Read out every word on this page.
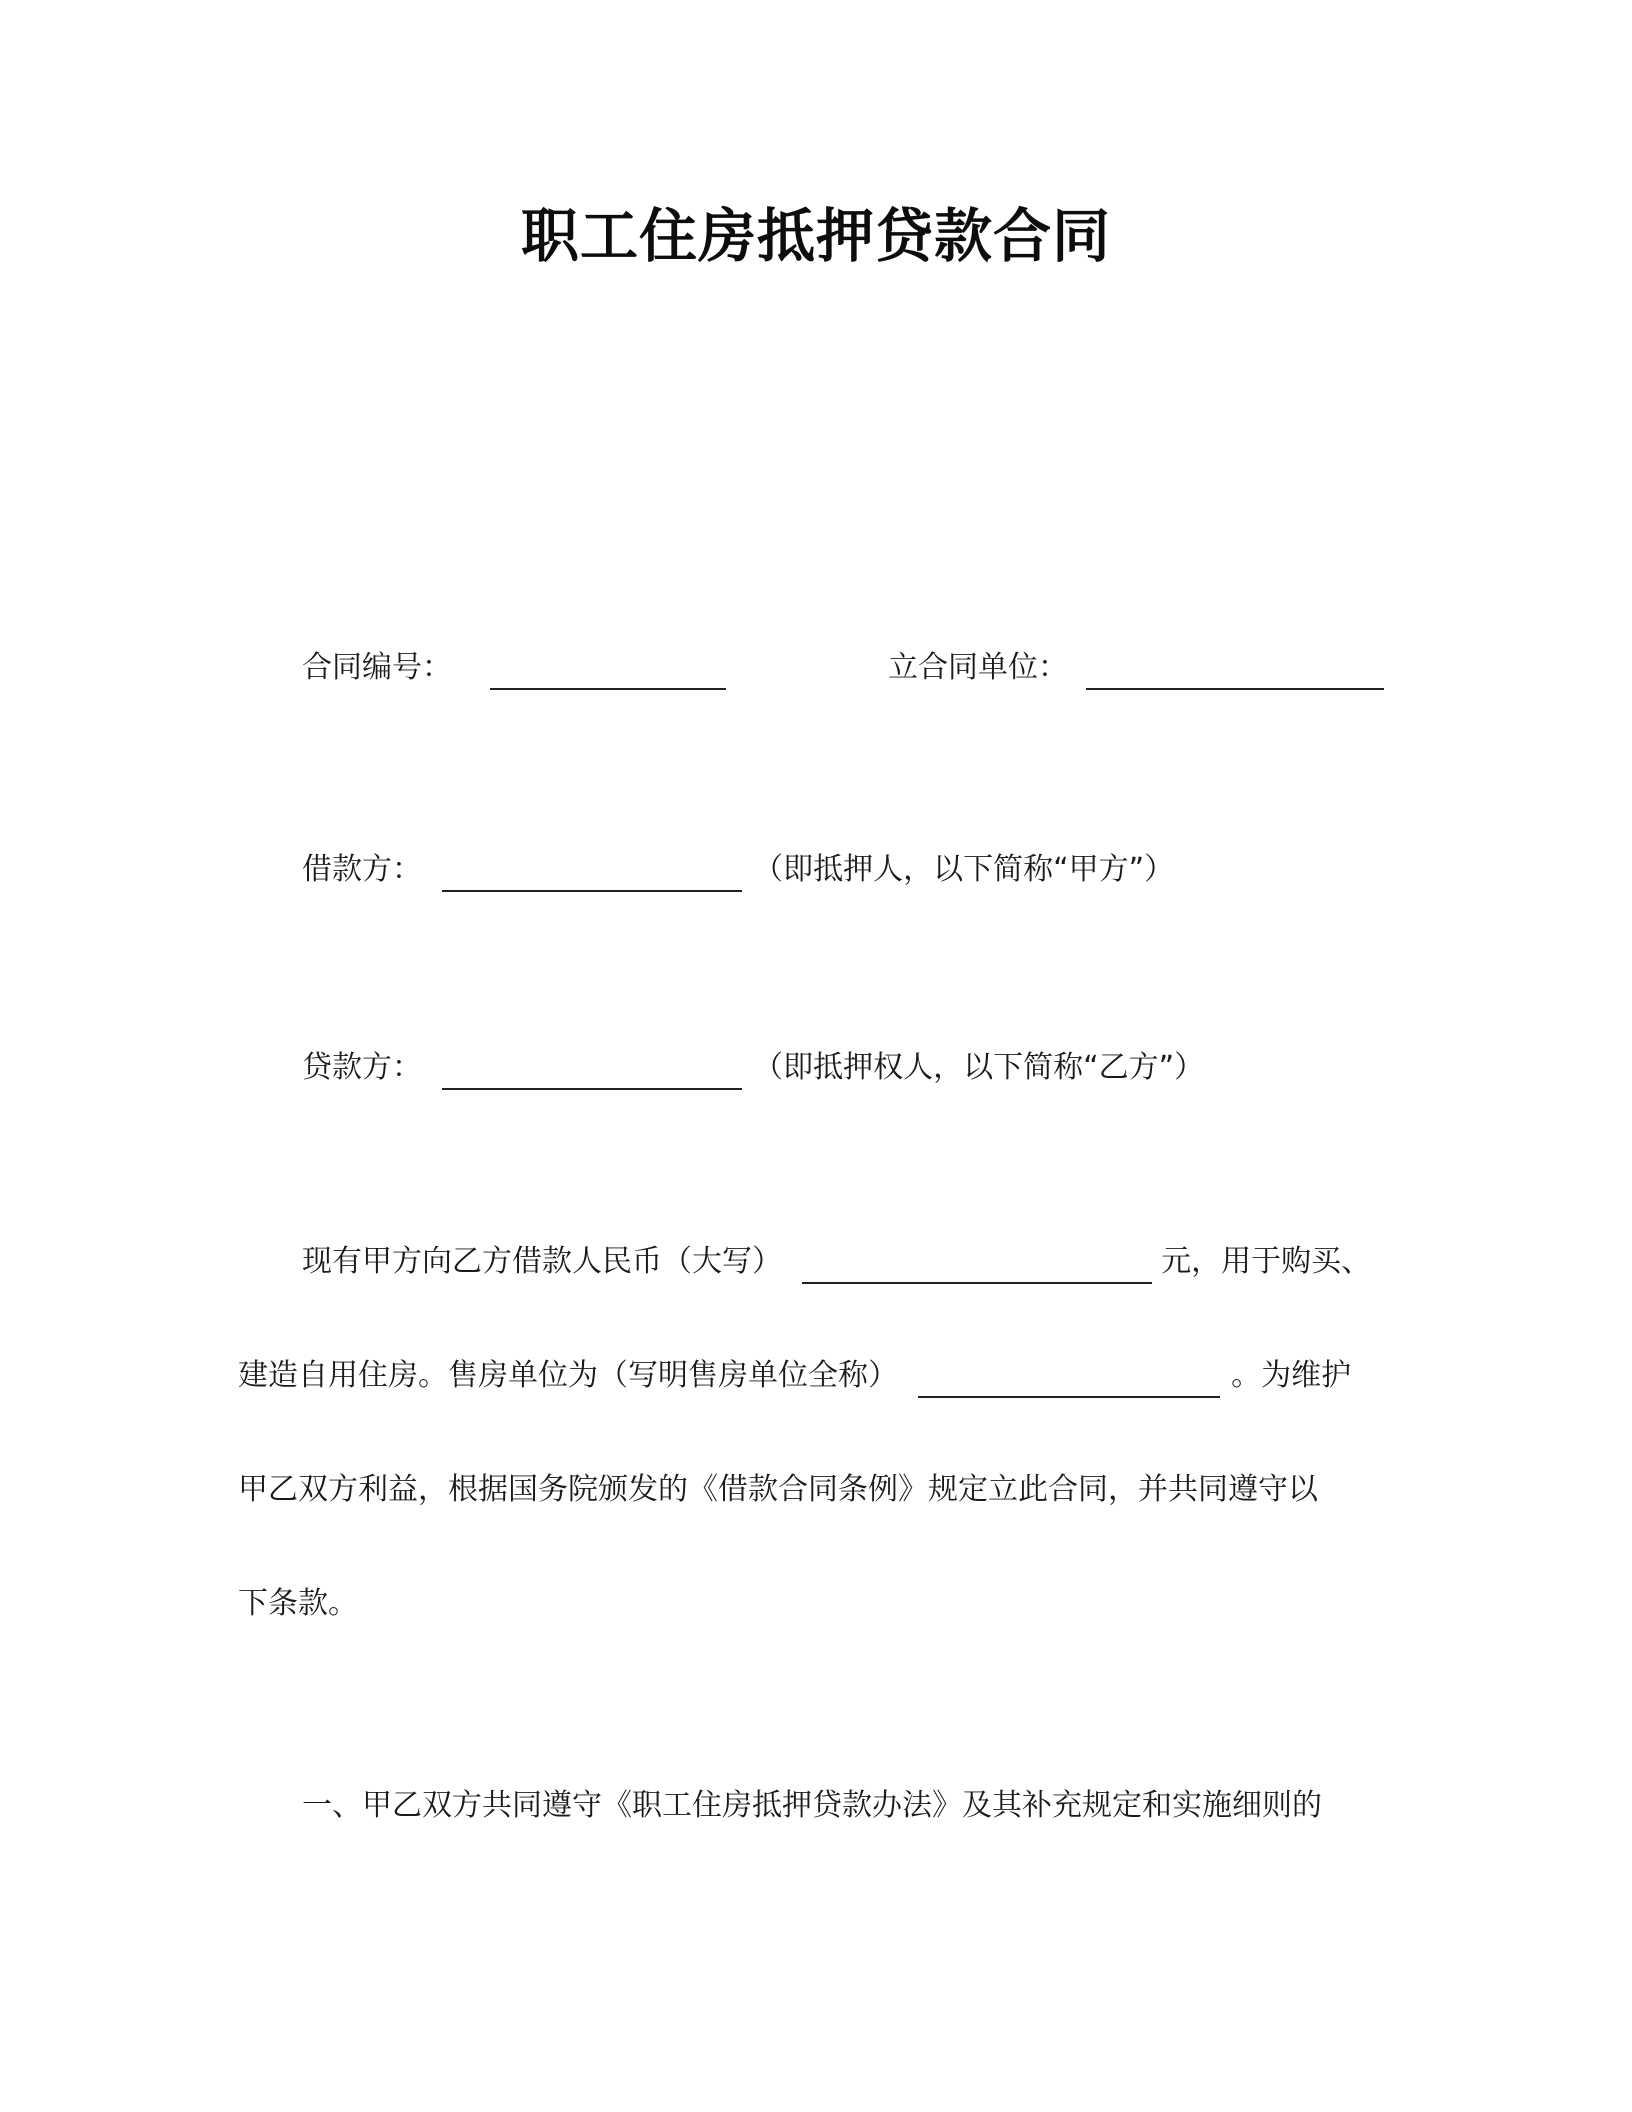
职工住房抵押贷款合同
合同编号：	立合同单位：
借款方：	（即抵押人，以下简称“甲方”）
贷款方：	（即抵押权人，以下简称“乙方”）
现有甲方向乙方借款人民币（大写）	元，用于购买、
建造自用住房。售房单位为（写明售房单位全称）	。为维护
甲乙双方利益，根据国务院颁发的《借款合同条例》规定立此合同，并共同遵守以
下条款。
一、甲乙双方共同遵守《职工住房抵押贷款办法》及其补充规定和实施细则的
